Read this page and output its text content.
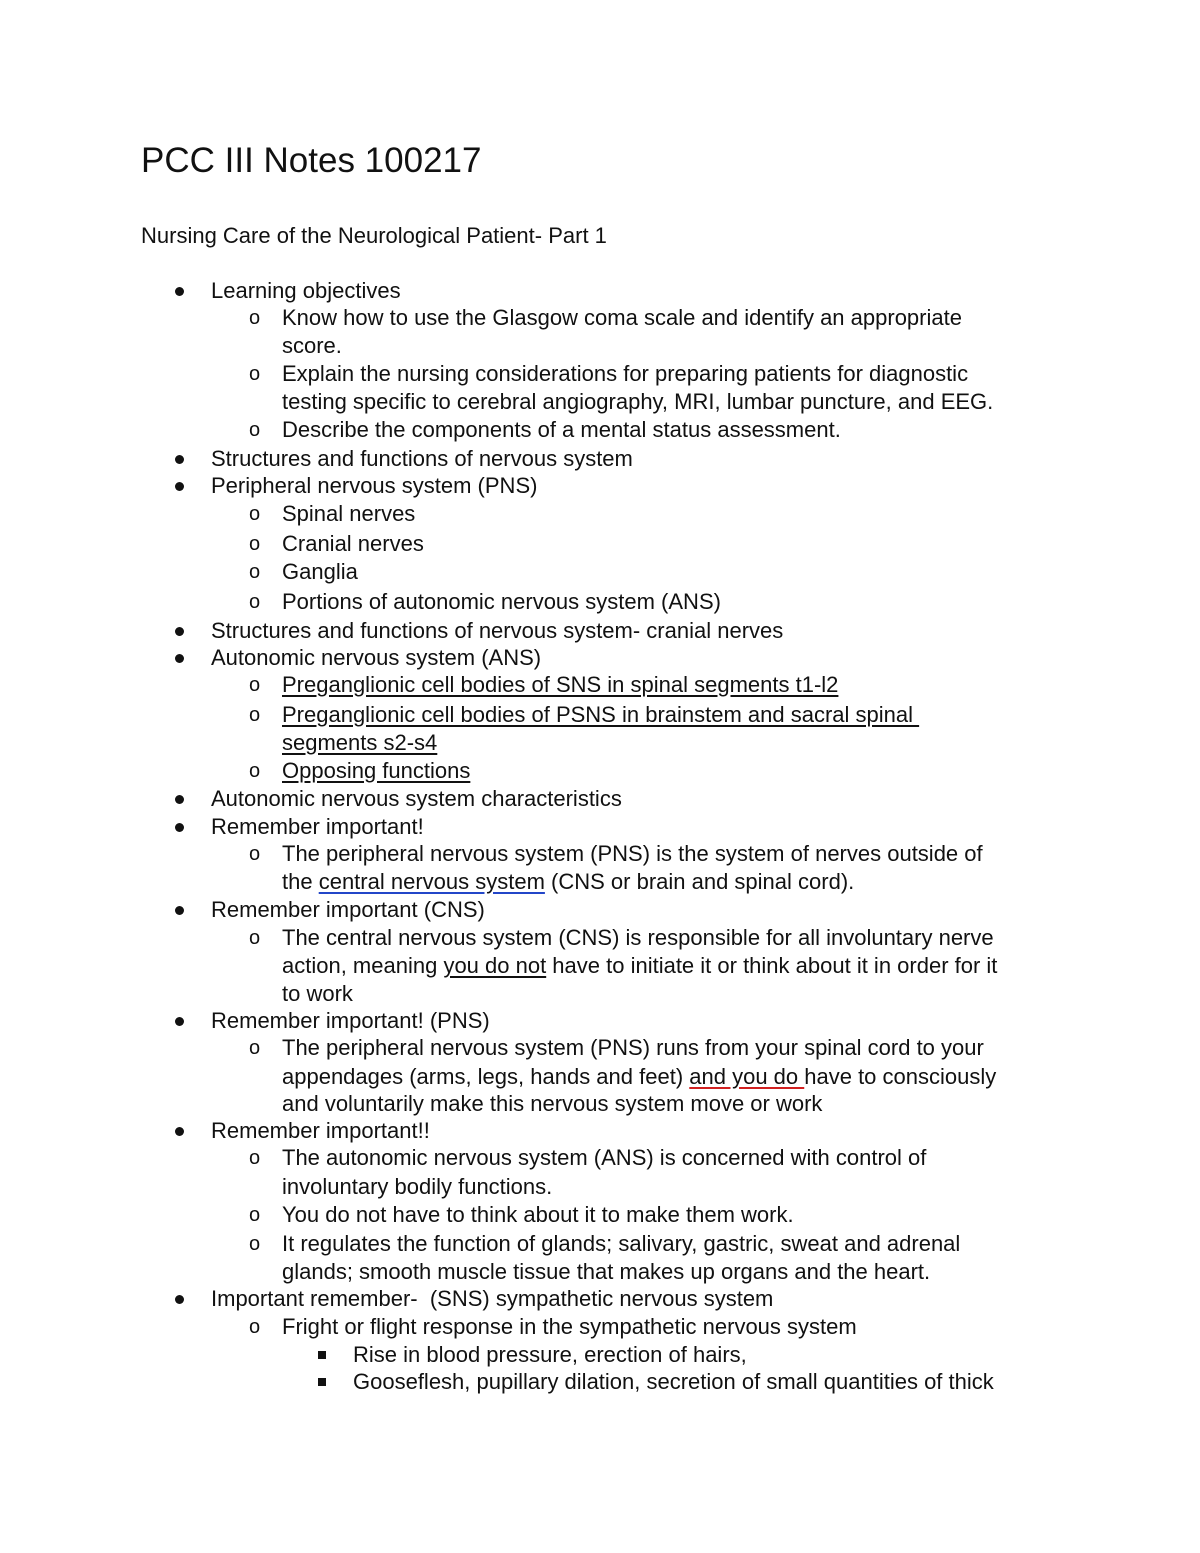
PCC III Notes 100217

Nursing Care of the Neurological Patient- Part 1

Learning objectives
o Know how to use the Glasgow coma scale and identify an appropriate
score.
o Explain the nursing considerations for preparing patients for diagnostic
testing specific to cerebral angiography, MRI, lumbar puncture, and EEG.
o Describe the components of a mental status assessment.
Structures and functions of nervous system
Peripheral nervous system (PNS)
o Spinal nerves
o Cranial nerves
o Ganglia
o Portions of autonomic nervous system (ANS)
Structures and functions of nervous system- cranial nerves
Autonomic nervous system (ANS)
o Preganglionic cell bodies of SNS in spinal segments t1-l2
o Preganglionic cell bodies of PSNS in brainstem and sacral spinal
segments s2-s4
o Opposing functions
Autonomic nervous system characteristics
Remember important!
o The peripheral nervous system (PNS) is the system of nerves outside of
the central nervous system (CNS or brain and spinal cord).
Remember important (CNS)
o The central nervous system (CNS) is responsible for all involuntary nerve
action, meaning you do not have to initiate it or think about it in order for it
to work
Remember important! (PNS)
o The peripheral nervous system (PNS) runs from your spinal cord to your
appendages (arms, legs, hands and feet) and you do have to consciously
and voluntarily make this nervous system move or work
Remember important!!
o The autonomic nervous system (ANS) is concerned with control of
involuntary bodily functions.
o You do not have to think about it to make them work.
o It regulates the function of glands; salivary, gastric, sweat and adrenal
glands; smooth muscle tissue that makes up organs and the heart.
Important remember-  (SNS) sympathetic nervous system
o Fright or flight response in the sympathetic nervous system
Rise in blood pressure, erection of hairs,
Gooseflesh, pupillary dilation, secretion of small quantities of thick
